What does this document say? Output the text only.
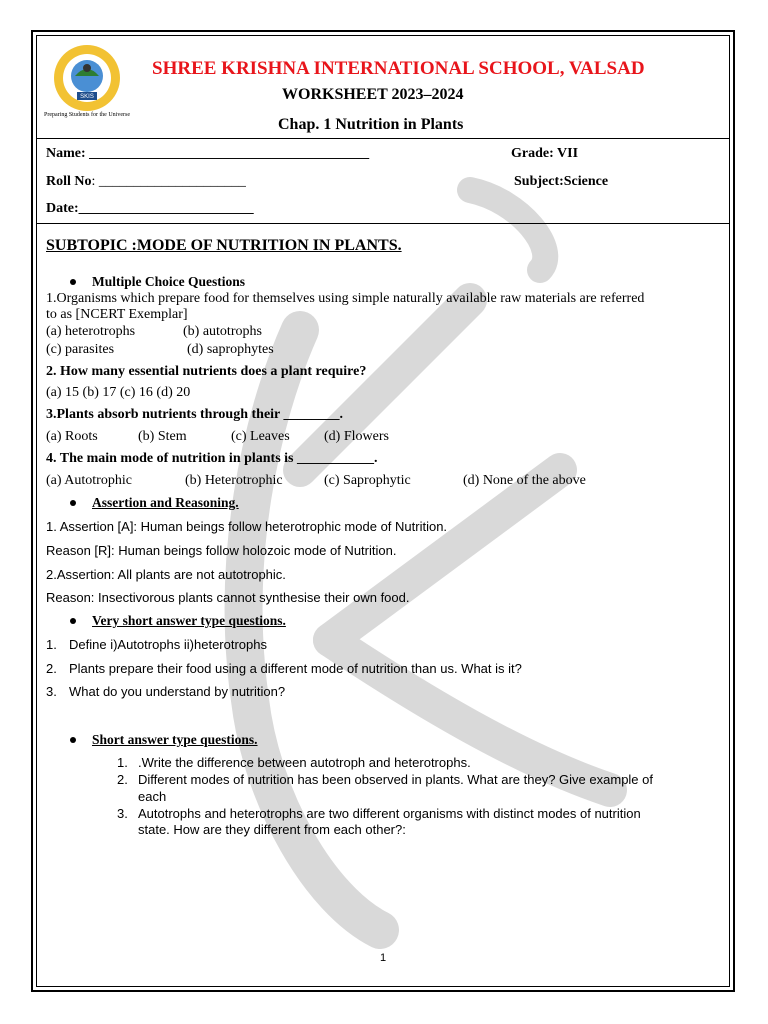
SKIS
Preparing Students for the Universe
SHREE KRISHNA INTERNATIONAL SCHOOL, VALSAD
WORKSHEET 2023–2024
Chap. 1 Nutrition in Plants
Name: ________________________________________	Grade: VII
Roll No: _____________________	Subject:Science
Date:_________________________
SUBTOPIC :MODE OF NUTRITION IN PLANTS.
Multiple Choice Questions
1.Organisms which prepare food for themselves using simple naturally available raw materials are referred
to as [NCERT Exemplar]
(a) heterotrophs	(b) autotrophs
(c) parasites	(d) saprophytes
2. How many essential nutrients does a plant require?
(a) 15 (b) 17 (c) 16 (d) 20
3.Plants absorb nutrients through their ________.
(a) Roots	(b) Stem	(c) Leaves (d) Flowers
4. The main mode of nutrition in plants is ___________.
(a) Autotrophic	(b) Heterotrophic	(c) Saprophytic	(d) None of the above
Assertion and Reasoning.
1. Assertion [A]: Human beings follow heterotrophic mode of Nutrition.
Reason [R]: Human beings follow holozoic mode of Nutrition.
2.Assertion: All plants are not autotrophic.
Reason: Insectivorous plants cannot synthesise their own food.
Very short answer type questions.
1. Define i)Autotrophs ii)heterotrophs
2. Plants prepare their food using a different mode of nutrition than us. What is it?
3. What do you understand by nutrition?
Short answer type questions.
1. .Write the difference between autotroph and heterotrophs.
2. Different modes of nutrition has been observed in plants. What are they? Give example of
each
3. Autotrophs and heterotrophs are two different organisms with distinct modes of nutrition
state. How are they different from each other?:
1
